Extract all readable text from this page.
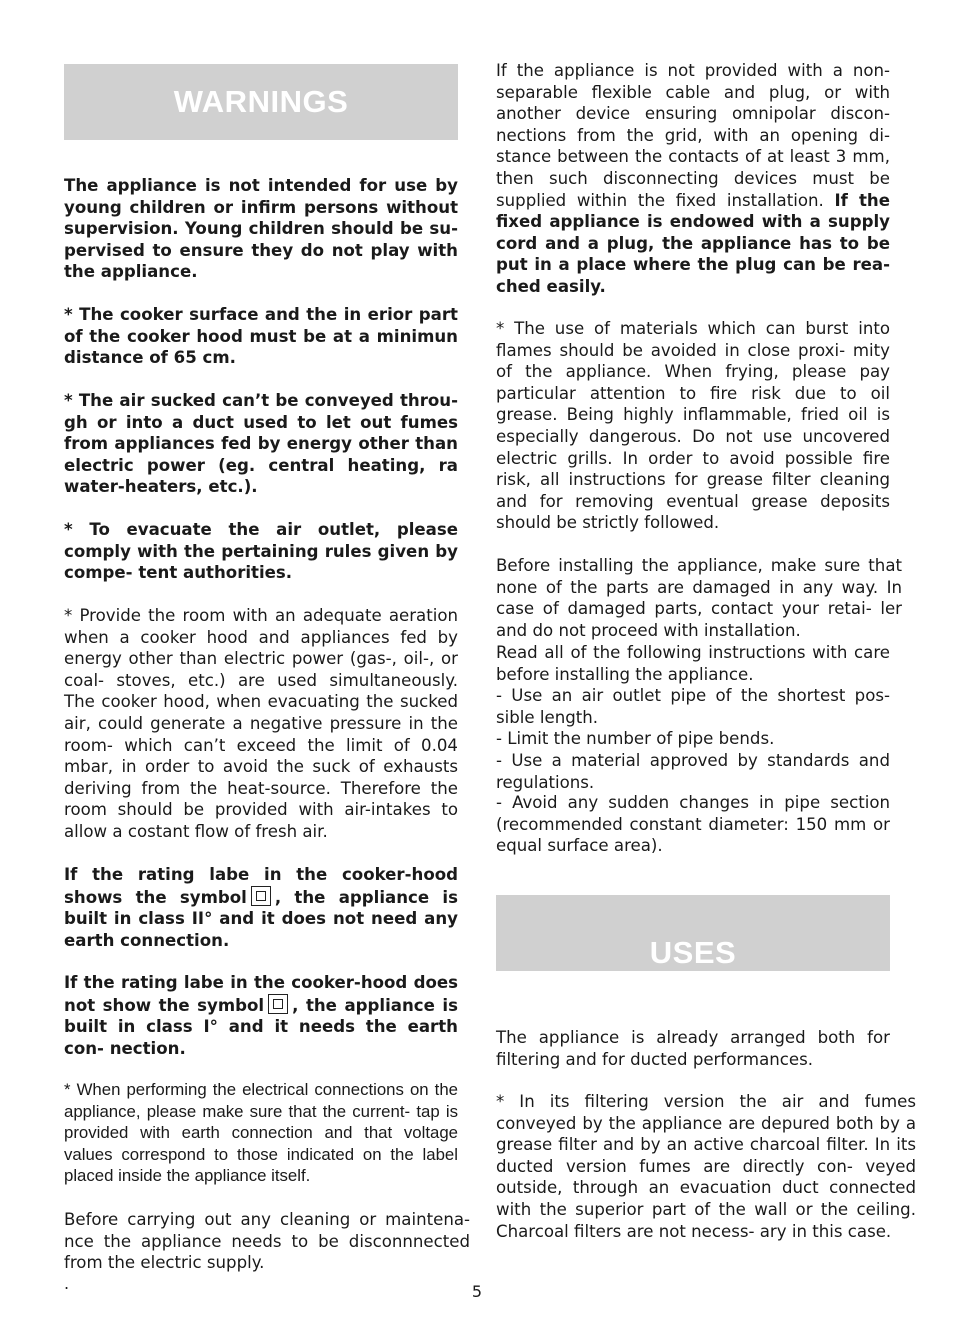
WARNINGS

The appliance is not intended for use by young children or infirm persons without supervision. Young children should be su- pervised to ensure they do not play with the appliance.

* The cooker surface and the in erior part of the cooker hood must be at a minimun distance of 65 cm.

* The air sucked can’t be conveyed throu- gh or into a duct used to let out fumes from appliances fed by energy other than electric power (eg. central heating, ra water-heaters, etc.).

* To evacuate the air outlet, please comply with the pertaining rules given by compe- tent authorities.

* Provide the room with an adequate aeration when a cooker hood and appliances fed by energy other than electric power (gas-, oil-, or coal- stoves, etc.) are used simultaneously. The cooker hood, when evacuating the sucked air, could generate a negative pressure in the room- which can’t exceed the limit of 0.04 mbar, in order to avoid the suck of exhausts deriving from the heat-source. Therefore the room should be provided with air-intakes to allow a costant flow of fresh air.

If the rating labe in the cooker-hood shows the symbol , the appliance is built in class II° and it does not need any earth connection.

If the rating labe in the cooker-hood does not show the symbol , the appliance is built in class I° and it needs the earth con- nection.

* When performing the electrical connections on the appliance, please make sure that the current- tap is provided with earth connection and that voltage values correspond to those indicated on the label placed inside the appliance itself.

Before carrying out any cleaning or maintena- nce the appliance needs to be disconnnected from the electric supply.

.

If the appliance is not provided with a non- separable flexible cable and plug, or with another device ensuring omnipolar discon- nections from the grid, with an opening di- stance between the contacts of at least 3 mm, then such disconnecting devices must be supplied within the fixed installation. If the fixed appliance is endowed with a supply cord and a plug, the appliance has to be put in a place where the plug can be rea- ched easily.

* The use of materials which can burst into flames should be avoided in close proxi- mity of the appliance. When frying, please pay particular attention to fire risk due to oil grease. Being highly inflammable, fried oil is especially dangerous. Do not use uncovered electric grills. In order to avoid possible fire risk, all instructions for grease filter cleaning and for removing eventual grease deposits should be strictly followed.

Before installing the appliance, make sure that none of the parts are damaged in any way. In case of damaged parts, contact your retai- ler and do not proceed with installation.

Read all of the following instructions with care before installing the appliance.

- Use an air outlet pipe of the shortest pos- sible length.

- Limit the number of pipe bends.

- Use a material approved by standards and regulations.

- Avoid any sudden changes in pipe section (recommended constant diameter: 150 mm or equal surface area).

USES

The appliance is already arranged both for filtering and for ducted performances.

* In its filtering version the air and fumes conveyed by the appliance are depured both by a grease filter and by an active charcoal filter. In its ducted version fumes are directly con- veyed outside, through an evacuation duct connected with the superior part of the wall or the ceiling. Charcoal filters are not necess- ary in this case.

5
